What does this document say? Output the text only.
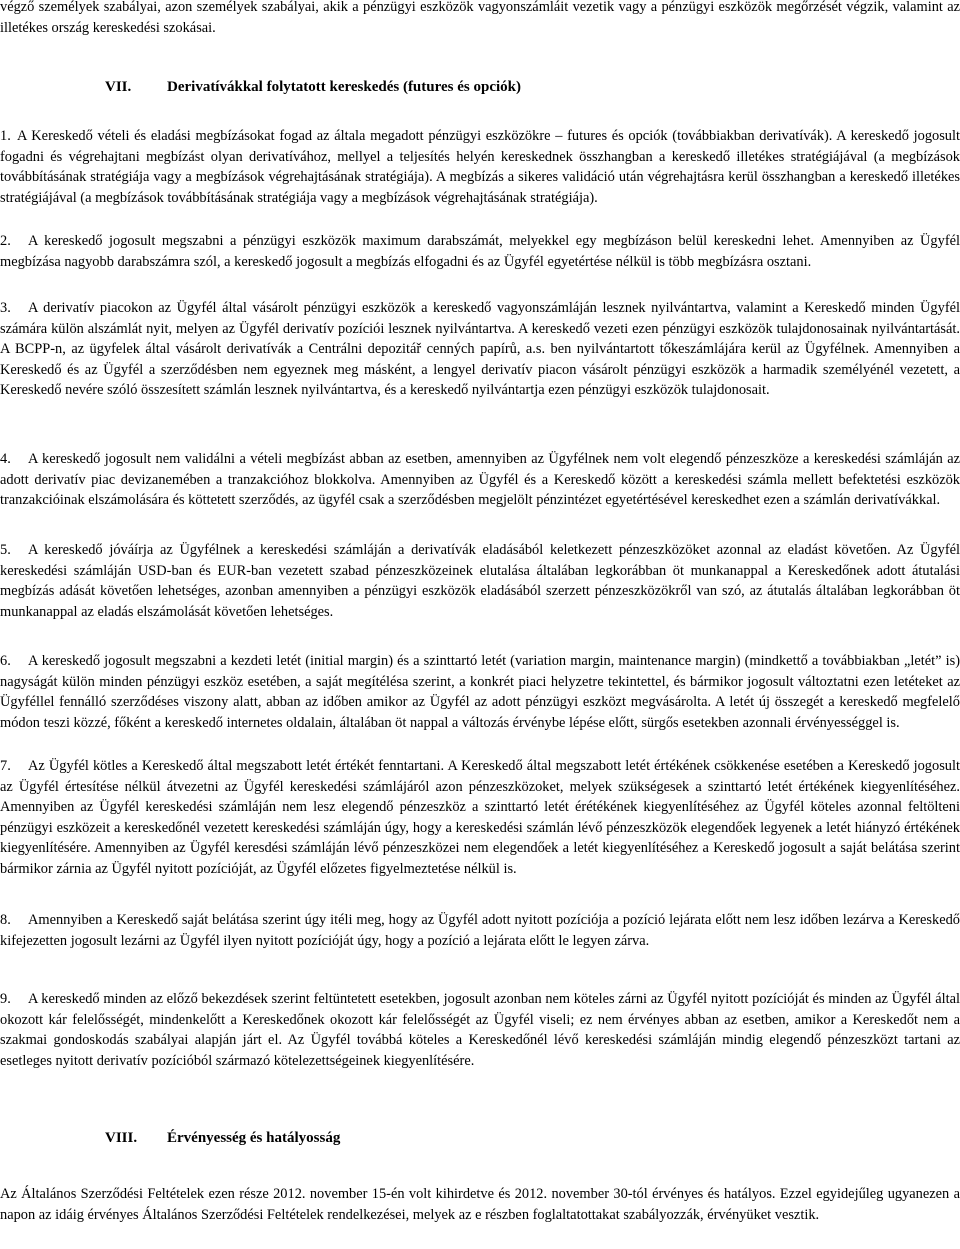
végző személyek szabályai, azon személyek szabályai, akik a pénzügyi eszközök vagyonszámláit vezetik vagy a pénzügyi eszközök megőrzését végzik, valamint az illetékes ország kereskedési szokásai.
VII. Derivatívákkal folytatott kereskedés (futures és opciók)
1. A Kereskedő vételi és eladási megbízásokat fogad az általa megadott pénzügyi eszközökre – futures és opciók (továbbiakban derivatívák). A kereskedő jogosult fogadni és végrehajtani megbízást olyan derivatívához, mellyel a teljesítés helyén kereskednek összhangban a kereskedő illetékes stratégiájával (a megbízások továbbításának stratégiája vagy a megbízások végrehajtásának stratégiája). A megbízás a sikeres validáció után végrehajtásra kerül összhangban a kereskedő illetékes stratégiájával (a megbízások továbbításának stratégiája vagy a megbízások végrehajtásának stratégiája).
2.	A kereskedő jogosult megszabni a pénzügyi eszközök maximum darabszámát, melyekkel egy megbízáson belül kereskedni lehet. Amennyiben az Ügyfél megbízása nagyobb darabszámra szól, a kereskedő jogosult a megbízás elfogadni és az Ügyfél egyetértése nélkül is több megbízásra osztani.
3.	A derivatív piacokon az Ügyfél által vásárolt pénzügyi eszközök a kereskedő vagyonszámláján lesznek nyilvántartva, valamint a Kereskedő minden Ügyfél számára külön alszámlát nyit, melyen az Ügyfél derivatív pozíciói lesznek nyilvántartva. A kereskedő vezeti ezen pénzügyi eszközök tulajdonosainak nyilvántartását. A BCPP-n, az ügyfelek által vásárolt derivatívák a Centrálni depozitář cenných papírů, a.s. ben nyilvántartott tőkeszámlájára kerül az Ügyfélnek. Amennyiben a Kereskedő és az Ügyfél a szerződésben nem egyeznek meg másként, a lengyel derivatív piacon vásárolt pénzügyi eszközök a harmadik személyénél vezetett, a Kereskedő nevére szóló összesített számlán lesznek nyilvántartva, és a kereskedő nyilvántartja ezen pénzügyi eszközök tulajdonosait.
4.	A kereskedő jogosult nem validálni a vételi megbízást abban az esetben, amennyiben az Ügyfélnek nem volt elegendő pénzeszköze a kereskedési számláján az adott derivatív piac devizanemében a tranzakcióhoz blokkolva. Amennyiben az Ügyfél és a Kereskedő között a kereskedési számla mellett befektetési eszközök tranzakcióinak elszámolására és köttetett szerződés, az ügyfél csak a szerződésben megjelölt pénzintézet egyetértésével kereskedhet ezen a számlán derivatívákkal.
5.	A kereskedő jóváírja az Ügyfélnek a kereskedési számláján a derivatívák eladásából keletkezett pénzeszközöket azonnal az eladást követően. Az Ügyfél kereskedési számláján USD-ban és EUR-ban vezetett szabad pénzeszközeinek elutalása általában legkorábban öt munkanappal a Kereskedőnek adott átutalási megbízás adását követően lehetséges, azonban amennyiben a pénzügyi eszközök eladásából szerzett pénzeszközökről van szó, az átutalás általában legkorábban öt munkanappal az eladás elszámolását követően lehetséges.
6.	A kereskedő jogosult megszabni a kezdeti letét (initial margin) és a szinttartó letét (variation margin, maintenance margin) (mindkettő a továbbiakban „letét” is) nagyságát külön minden pénzügyi eszköz esetében, a saját megítélésa szerint, a konkrét piaci helyzetre tekintettel, és bármikor jogosult változtatni ezen letéteket az Ügyféllel fennálló szerződéses viszony alatt, abban az időben amikor az Ügyfél az adott pénzügyi eszközt megvásárolta. A letét új összegét a kereskedő megfelelő módon teszi közzé, főként a kereskedő internetes oldalain, általában öt nappal a változás érvénybe lépése előtt, sürgős esetekben azonnali érvényességgel is.
7.	Az Ügyfél kötles a Kereskedő által megszabott letét értékét fenntartani. A Kereskedő által megszabott letét értékének csökkenése esetében a Kereskedő jogosult az Ügyfél értesítése nélkül átvezetni az Ügyfél kereskedési számlájáról azon pénzeszközoket, melyek szükségesek a szinttartó letét értékének kiegyenlítéséhez. Amennyiben az Ügyfél kereskedési számláján nem lesz elegendő pénzeszköz a szinttartó letét érétékének kiegyenlítéséhez az Ügyfél köteles azonnal feltölteni pénzügyi eszközeit a kereskedőnél vezetett kereskedési számláján úgy, hogy a kereskedési számlán lévő pénzeszközök elegendőek legyenek a letét hiányzó értékének kiegyenlítésére. Amennyiben az Ügyfél keresdési számláján lévő pénzeszközei nem elegendőek a letét kiegyenlítéséhez a Kereskedő jogosult a saját belátása szerint bármikor zárnia az Ügyfél nyitott pozícióját, az Ügyfél előzetes figyelmeztetése nélkül is.
8.	Amennyiben a Kereskedő saját belátása szerint úgy itéli meg, hogy az Ügyfél adott nyitott pozíciója a pozíció lejárata előtt nem lesz időben lezárva a Kereskedő kifejezetten jogosult lezárni az Ügyfél ilyen nyitott pozícióját úgy, hogy a pozíció a lejárata előtt le legyen zárva.
9.	A kereskedő minden az előző bekezdések szerint feltüntetett esetekben, jogosult azonban nem köteles zárni az Ügyfél nyitott pozícióját és minden az Ügyfél által okozott kár felelősségét, mindenkelőtt a Kereskedőnek okozott kár felelősségét az Ügyfél viseli; ez nem érvényes abban az esetben, amikor a Kereskedőt nem a szakmai gondoskodás szabályai alapján járt el. Az Ügyfél továbbá köteles a Kereskedőnél lévő kereskedési számláján mindig elegendő pénzeszközt tartani az esetleges nyitott derivatív pozícióból származó kötelezettségeinek kiegyenlítésére.
VIII. Érvényesség és hatályosság
Az Általános Szerződési Feltételek ezen része 2012. november 15-én volt kihirdetve és 2012. november 30-tól érvényes és hatályos. Ezzel egyidejűleg ugyanezen a napon az idáig érvényes Általános Szerződési Feltételek rendelkezései, melyek az e részben foglaltatottakat szabályozzák, érvényüket vesztik.
